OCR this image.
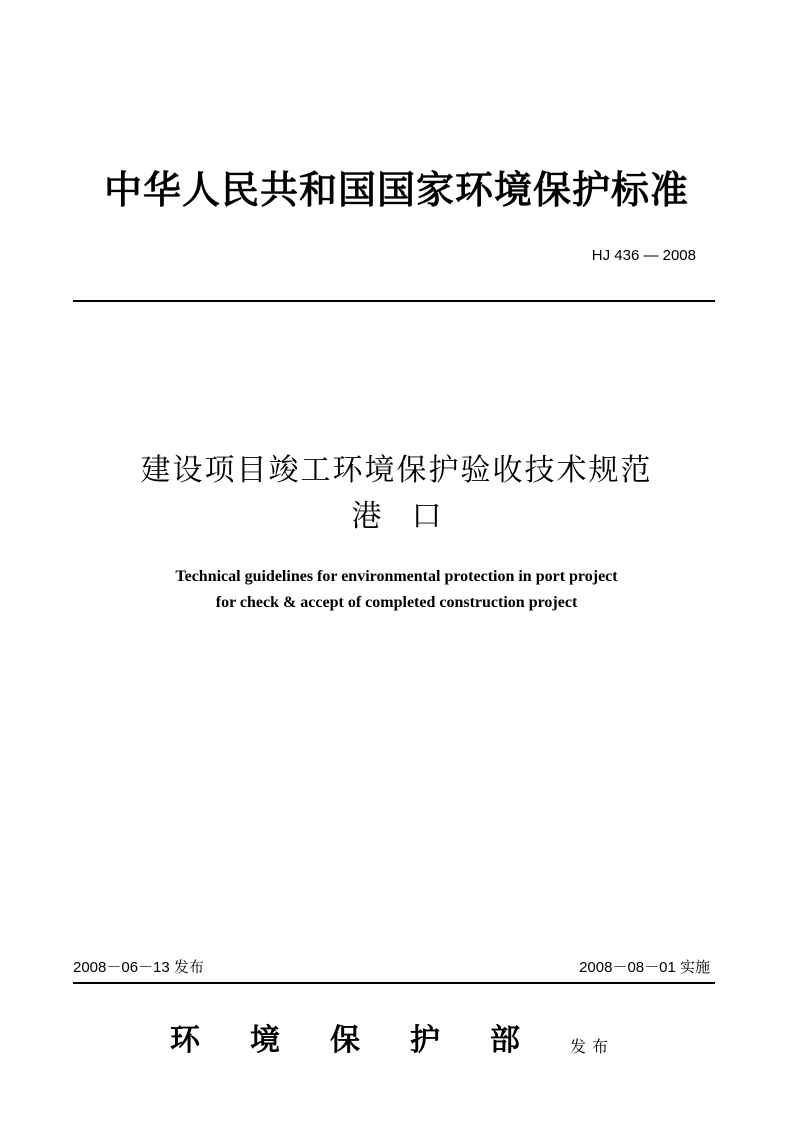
中华人民共和国国家环境保护标准
HJ 436 — 2008
建设项目竣工环境保护验收技术规范
港　口
Technical guidelines for environmental protection in port project
for check & accept of completed construction project
2008－06－13 发布	2008－08－01 实施
环 境 保 护 部	发布
